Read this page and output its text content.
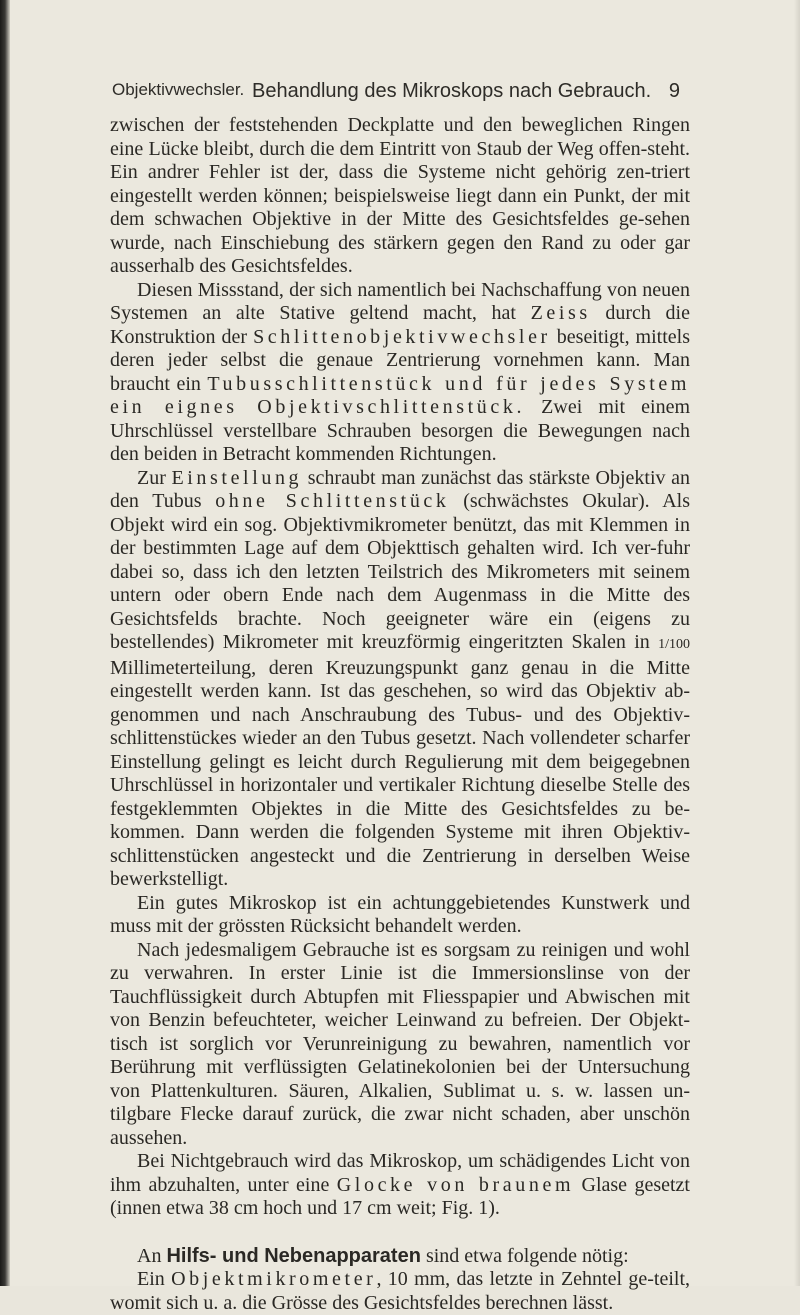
Objektivwechsler. Behandlung des Mikroskops nach Gebrauch. 9

zwischen der feststehenden Deckplatte und den beweglichen Ringen eine Lücke bleibt, durch die dem Eintritt von Staub der Weg offen-steht. Ein andrer Fehler ist der, dass die Systeme nicht gehörig zen-triert eingestellt werden können; beispielsweise liegt dann ein Punkt, der mit dem schwachen Objektive in der Mitte des Gesichtsfeldes ge-sehen wurde, nach Einschiebung des stärkern gegen den Rand zu oder gar ausserhalb des Gesichtsfeldes.

Diesen Missstand, der sich namentlich bei Nachschaffung von neuen Systemen an alte Stative geltend macht, hat Zeiss durch die Konstruktion der Schlittenobjektivwechsler beseitigt, mittels deren jeder selbst die genaue Zentrierung vornehmen kann. Man braucht ein Tubusschlittenstück und für jedes System ein eignes Objektivschlittenstück. Zwei mit einem Uhrschlüssel verstellbare Schrauben besorgen die Bewegungen nach den beiden in Betracht kommenden Richtungen.

Zur Einstellung schraubt man zunächst das stärkste Objektiv an den Tubus ohne Schlittenstück (schwächstes Okular). Als Objekt wird ein sog. Objektivmikrometer benützt, das mit Klemmen in der bestimmten Lage auf dem Objekttisch gehalten wird. Ich ver-fuhr dabei so, dass ich den letzten Teilstrich des Mikrometers mit seinem untern oder obern Ende nach dem Augenmass in die Mitte des Gesichtsfelds brachte. Noch geeigneter wäre ein (eigens zu bestellendes) Mikrometer mit kreuzförmig eingeritzten Skalen in 1/100 Millimeterteilung, deren Kreuzungspunkt ganz genau in die Mitte eingestellt werden kann. Ist das geschehen, so wird das Objektiv ab-genommen und nach Anschraubung des Tubus- und des Objektiv-schlittenstückes wieder an den Tubus gesetzt. Nach vollendeter scharfer Einstellung gelingt es leicht durch Regulierung mit dem beigegebnen Uhrschlüssel in horizontaler und vertikaler Richtung dieselbe Stelle des festgeklemmten Objektes in die Mitte des Gesichtsfeldes zu be-kommen. Dann werden die folgenden Systeme mit ihren Objektiv-schlittenstücken angesteckt und die Zentrierung in derselben Weise bewerkstelligt.

Ein gutes Mikroskop ist ein achtunggebietendes Kunstwerk und muss mit der grössten Rücksicht behandelt werden.

Nach jedesmaligem Gebrauche ist es sorgsam zu reinigen und wohl zu verwahren. In erster Linie ist die Immersionslinse von der Tauchflüssigkeit durch Abtupfen mit Fliesspapier und Abwischen mit von Benzin befeuchteter, weicher Leinwand zu befreien. Der Objekt-tisch ist sorglich vor Verunreinigung zu bewahren, namentlich vor Berührung mit verflüssigten Gelatinekolonien bei der Untersuchung von Plattenkulturen. Säuren, Alkalien, Sublimat u. s. w. lassen un-tilgbare Flecke darauf zurück, die zwar nicht schaden, aber unschön aussehen.

Bei Nichtgebrauch wird das Mikroskop, um schädigendes Licht von ihm abzuhalten, unter eine Glocke von braunem Glase gesetzt (innen etwa 38 cm hoch und 17 cm weit; Fig. 1).

An Hilfs- und Nebenapparaten sind etwa folgende nötig:

Ein Objektmikrometer, 10 mm, das letzte in Zehntel ge-teilt, womit sich u. a. die Grösse des Gesichtsfeldes berechnen lässt.
